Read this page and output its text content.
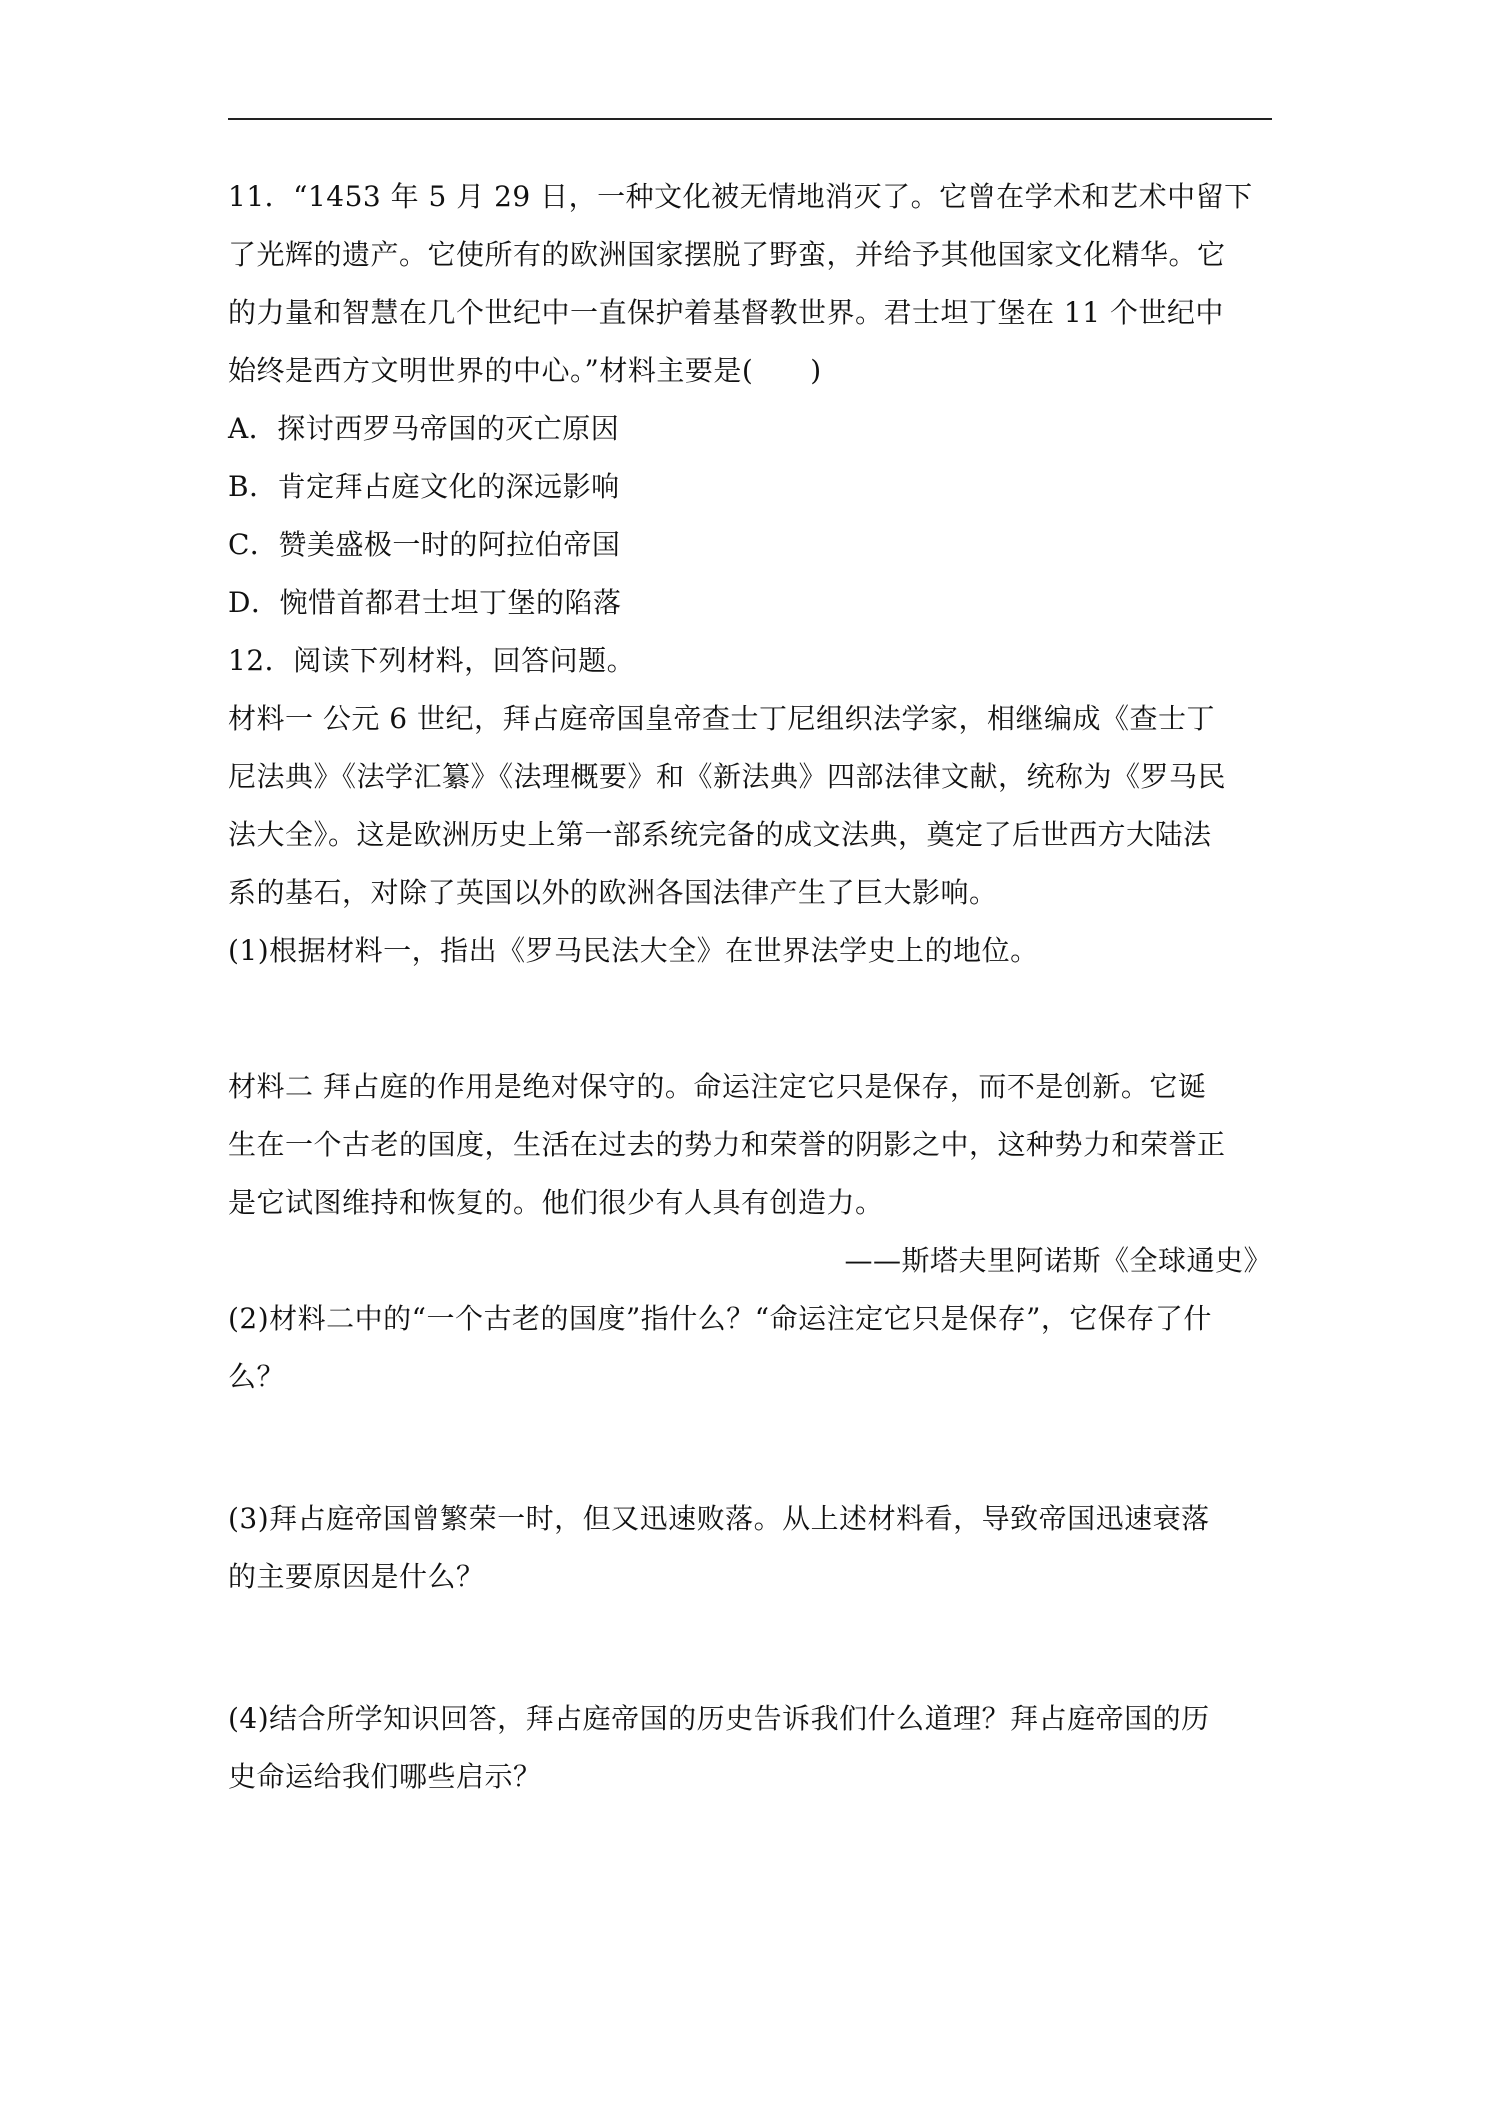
11．“1453 年 5 月 29 日，一种文化被无情地消灭了。它曾在学术和艺术中留下
了光辉的遗产。它使所有的欧洲国家摆脱了野蛮，并给予其他国家文化精华。它
的力量和智慧在几个世纪中一直保护着基督教世界。君士坦丁堡在 11 个世纪中
始终是西方文明世界的中心。”材料主要是(　　)
A．探讨西罗马帝国的灭亡原因
B．肯定拜占庭文化的深远影响
C．赞美盛极一时的阿拉伯帝国
D．惋惜首都君士坦丁堡的陷落
12．阅读下列材料，回答问题。
材料一 公元 6 世纪，拜占庭帝国皇帝查士丁尼组织法学家，相继编成《查士丁
尼法典》《法学汇纂》《法理概要》和《新法典》四部法律文献，统称为《罗马民
法大全》。这是欧洲历史上第一部系统完备的成文法典，奠定了后世西方大陆法
系的基石，对除了英国以外的欧洲各国法律产生了巨大影响。
(1)根据材料一，指出《罗马民法大全》在世界法学史上的地位。
材料二 拜占庭的作用是绝对保守的。命运注定它只是保存，而不是创新。它诞
生在一个古老的国度，生活在过去的势力和荣誉的阴影之中，这种势力和荣誉正
是它试图维持和恢复的。他们很少有人具有创造力。
——斯塔夫里阿诺斯《全球通史》
(2)材料二中的“一个古老的国度”指什么？“命运注定它只是保存”，它保存了什
么？
(3)拜占庭帝国曾繁荣一时，但又迅速败落。从上述材料看，导致帝国迅速衰落
的主要原因是什么？
(4)结合所学知识回答，拜占庭帝国的历史告诉我们什么道理？拜占庭帝国的历
史命运给我们哪些启示？
